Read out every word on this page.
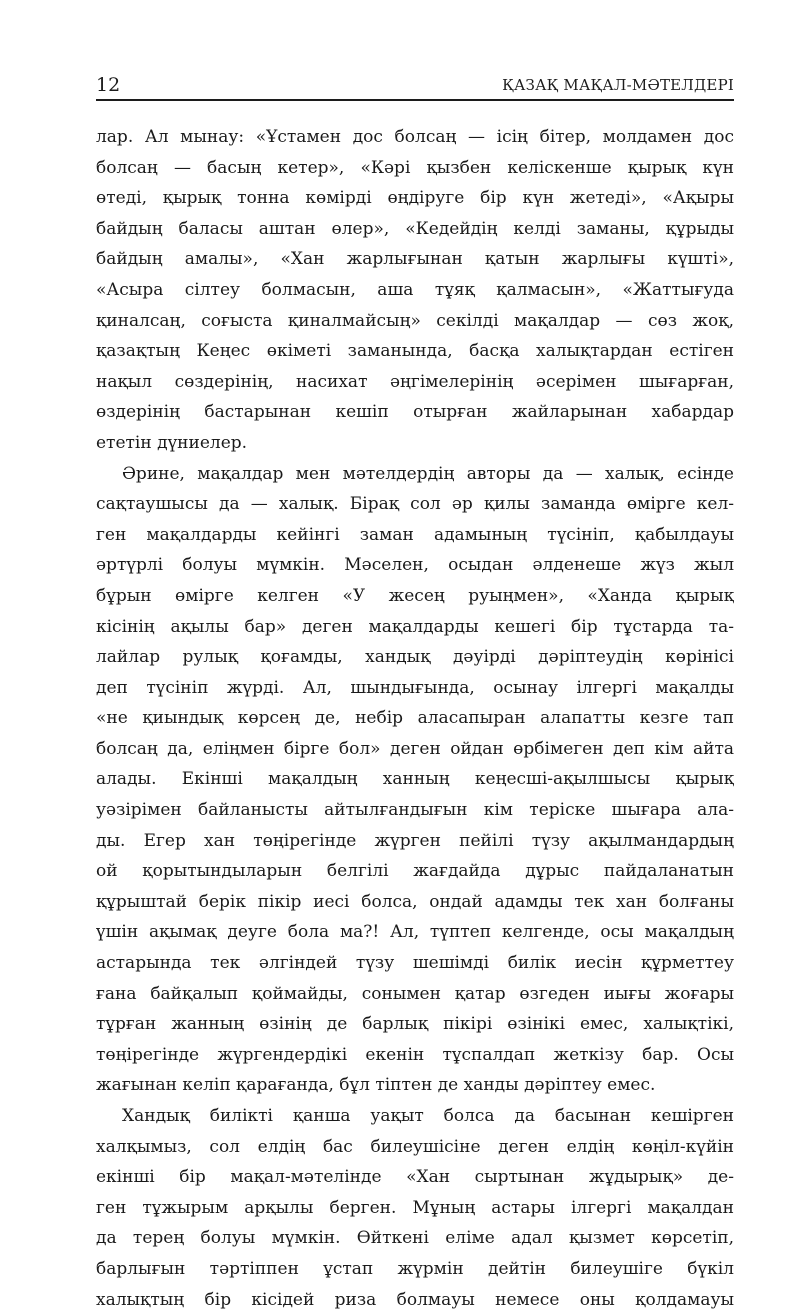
12	ҚАЗАҚ МАҚАЛ-МӘТЕЛДЕРІ
лар. Ал мынау: «Ұстамен дос болсаң — ісің бітер, молдамен дос
болсаң — басың кетер», «Кәрі қызбен келіскенше қырық күн
өтеді, қырық тонна көмірді өңдіруге бір күн жетеді», «Ақыры
байдың баласы аштан өлер», «Кедейдің келді заманы, құрыды
байдың амалы», «Хан жарлығынан қатын жарлығы күшті»,
«Асыра сілтеу болмасын, аша тұяқ қалмасын», «Жаттығуда
қиналсаң, соғыста қиналмайсың» секілді мақалдар — сөз жоқ,
қазақтың Кеңес өкіметі заманында, басқа халықтардан естіген
нақыл сөздерінің, насихат әңгімелерінің әсерімен шығарған,
өздерінің бастарынан кешіп отырған жайларынан хабардар
ететін дүниелер.
Әрине, мақалдар мен мәтелдердің авторы да — халық, есінде
сақтаушысы да — халық. Бірақ сол әр қилы заманда өмірге кел-
ген мақалдарды кейінгі заман адамының түсініп, қабылдауы
әртүрлі болуы мүмкін. Мәселен, осыдан әлденеше жүз жыл
бұрын өмірге келген «У жесең руыңмен», «Ханда қырық
кісінің ақылы бар» деген мақалдарды кешегі бір тұстарда та-
лайлар рулық қоғамды, хандық дәуірді дәріптеудің көрінісі
деп түсініп жүрді. Ал, шындығында, осынау ілгергі мақалды
«не қиындық көрсең де, небір аласапыран алапатты кезге тап
болсаң да, еліңмен бірге бол» деген ойдан өрбімеген деп кім айта
алады. Екінші мақалдың ханның кеңесші-ақылшысы қырық
уәзірімен байланысты айтылғандығын кім теріске шығара ала-
ды. Егер хан төңірегінде жүрген пейілі түзу ақылмандардың
ой қорытындыларын белгілі жағдайда дұрыс пайдаланатын
құрыштай берік пікір иесі болса, ондай адамды тек хан болғаны
үшін ақымақ деуге бола ма?! Ал, түптеп келгенде, осы мақалдың
астарында тек әлгіндей түзу шешімді билік иесін құрметтеу
ғана байқалып қоймайды, сонымен қатар өзгеден иығы жоғары
тұрған жанның өзінің де барлық пікірі өзінікі емес, халықтікі,
төңірегінде жүргендердікі екенін тұспалдап жеткізу бар. Осы
жағынан келіп қарағанда, бұл тіптен де ханды дәріптеу емес.
Хандық билікті қанша уақыт болса да басынан кешірген
халқымыз, сол елдің бас билеушісіне деген елдің көңіл-күйін
екінші бір мақал-мәтелінде «Хан сыртынан жұдырық» де-
ген тұжырым арқылы берген. Мұның астары ілгергі мақалдан
да терең болуы мүмкін. Өйткені еліме адал қызмет көрсетіп,
барлығын тәртіппен ұстап жүрмін дейтін билеушіге бүкіл
халықтың бір кісідей риза болмауы немесе оны қолдамауы
